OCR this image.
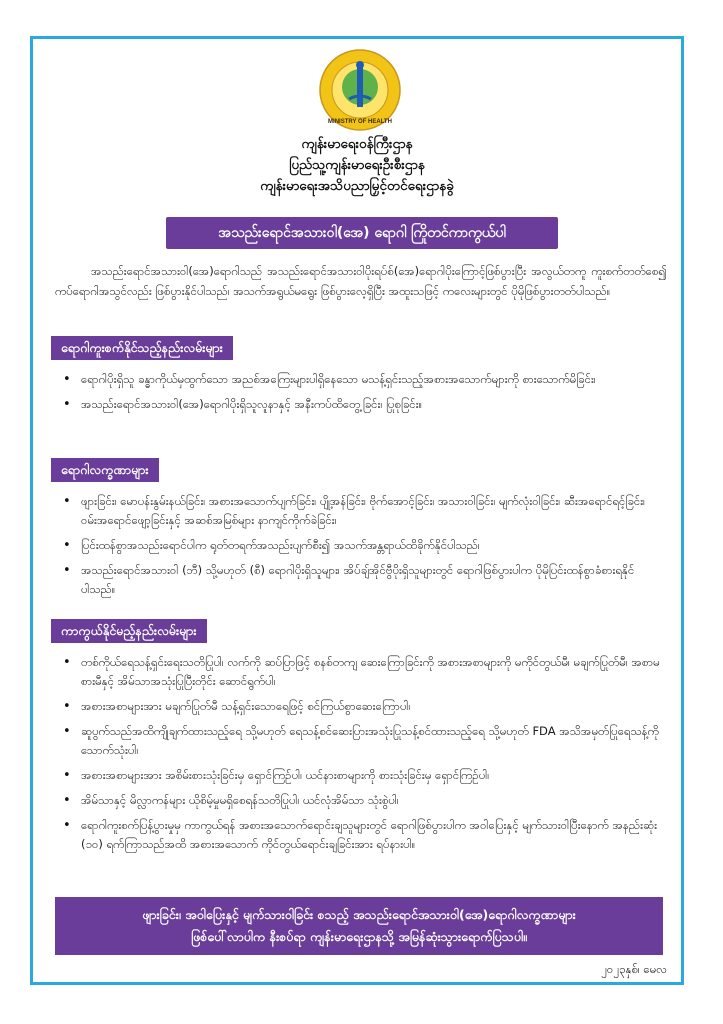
MINISTRY OF HEALTH
ကျန်းမာရေးဝန်ကြီးဌာန
ပြည်သူ့ကျန်းမာရေးဦးစီးဌာန
ကျန်းမာရေးအသိပညာမြှင့်တင်ရေးဌာနခွဲ
အသည်းရောင်အသားဝါ(အေ) ရောဂါ ကြိုတင်ကာကွယ်ပါ

အသည်းရောင်အသားဝါ(အေ)ရောဂါသည် အသည်းရောင်အသားဝါပိုးရပ်စ်(အေ)ရောဂါပိုးကြောင့်ဖြစ်ပွားပြီး အလွယ်တကူ ကူးစက်တတ်စေ၍ ကပ်ရောဂါအသွင်လည်း ဖြစ်ပွားနိုင်ပါသည်၊ အသက်အရွယ်မရွေး ဖြစ်ပွားလေ့ရှိပြီး အထူးသဖြင့် ကလေးများတွင် ပိုမိုဖြစ်ပွားတတ်ပါသည်။

ရောဂါကူးစက်နိုင်သည့်နည်းလမ်းများ
• ရောဂါပိုးရှိသူ ခန္ဓာကိုယ်မှထွက်သော အညစ်အကြေးများပါရှိနေသော မသန့်ရှင်းသည့်အစားအသောက်များကို စားသောက်မိခြင်း၊
• အသည်းရောင်အသားဝါ(အေ)ရောဂါပိုးရှိသူလူနာနှင့် အနီးကပ်ထိတွေ့ခြင်း၊ ပြုစုခြင်း။
ရောဂါလက္ခဏာများ
• ဖျားခြင်း၊ မောပန်းနွမ်းနယ်ခြင်း၊ အစားအသောက်ပျက်ခြင်း၊ ပျို့အန်ခြင်း၊ ဗိုက်အောင့်ခြင်း၊ အသားဝါခြင်း၊ မျက်လုံးဝါခြင်း၊ ဆီးအရောင်ရင့်ခြင်း၊ ဝမ်းအရောင်ဖျော့ခြင်းနှင့် အဆစ်အမြစ်များ နာကျင်ကိုက်ခဲခြင်း၊
• ပြင်းထန်စွာအသည်းရောင်ပါက ရုတ်တရက်အသည်းပျက်စီး၍ အသက်အန္တရာယ်ထိခိုက်နိုင်ပါသည်၊
• အသည်းရောင်အသားဝါ (ဘီ) သို့မဟုတ် (စီ) ရောဂါပိုးရှိသူများ၊ အိပ်ချ်အိုင်ဗွီပိုးရှိသူများတွင် ရောဂါဖြစ်ပွားပါက ပိုမိုပြင်းထန်စွာခံစားရနိုင်ပါသည်။
ကာကွယ်နိုင်မည့်နည်းလမ်းများ
• တစ်ကိုယ်ရေသန့်ရှင်းရေးသတိပြုပါ၊ လက်ကို ဆပ်ပြာဖြင့် စနစ်တကျ ဆေးကြောခြင်းကို အစားအစာများကို မကိုင်တွယ်မီ၊ မချက်ပြုတ်မီ၊ အစာမစားမီနှင့် အိမ်သာအသုံးပြုပြီးတိုင်း ဆောင်ရွက်ပါ၊
• အစားအစာများအား မချက်ပြုတ်မီ သန့်ရှင်းသောရေဖြင့် စင်ကြယ်စွာဆေးကြောပါ၊
• ဆူပွက်သည်အထိကျိုချက်ထားသည့်ရေ သို့မဟုတ် ရေသန့်စင်ဆေးပြားအသုံးပြုသန့်စင်ထားသည့်ရေ သို့မဟုတ် FDA အသိအမှတ်ပြုရေသန့်ကို သောက်သုံးပါ၊
• အစားအစာများအား အစိမ်းစားသုံးခြင်းမှ ရှောင်ကြဉ်ပါ၊ ယင်နားစာများကို စားသုံးခြင်းမှ ရှောင်ကြဉ်ပါ၊
• အိမ်သာနှင့် မိလ္လာကန်များ ယိုစိမ့်မှုမရှိစေရန်သတိပြုပါ၊ ယင်လုံအိမ်သာ သုံးစွဲပါ၊
• ရောဂါကူးစက်ပြန့်ပွားမှုမှ ကာကွယ်ရန် အစားအသောက်ရောင်းချသူများတွင် ရောဂါဖြစ်ပွားပါက အဝါပြေးနှင့် မျက်သားဝါပြီးနောက် အနည်းဆုံး (၁၀) ရက်ကြာသည်အထိ အစားအသောက် ကိုင်တွယ်ရောင်းချခြင်းအား ရပ်နားပါ။
ဖျားခြင်း၊ အဝါပြေးနှင့် မျက်သားဝါခြင်း စသည့် အသည်းရောင်အသားဝါ(အေ)ရောဂါလက္ခဏာများ
ဖြစ်ပေါ်လာပါက နီးစပ်ရာ ကျန်းမာရေးဌာနသို့ အမြန်ဆုံးသွားရောက်ပြသပါ။
၂၀၂၃နှစ်၊ မေလ
